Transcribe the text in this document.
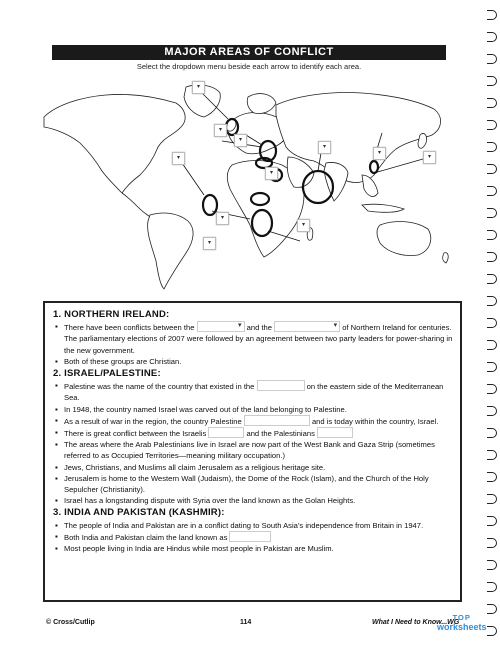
MAJOR AREAS OF CONFLICT
Select the dropdown menu beside each arrow to identify each area.
▾
▾
▾
▾
▾
▾
▾
▾
▾
▾
▾
1. NORTHERN IRELAND:
▪ There have been conflicts between the ▾	and the ▾	of Northern Ireland for centuries. The parliamentary elections of 2007 were followed by an agreement between two party leaders for power-sharing in the new government.
▪ Both of these groups are Christian.
2. ISRAEL/PALESTINE:
▪ Palestine was the name of the country that existed in the	on the eastern side of the Mediterranean Sea.
▪ In 1948, the country named Israel was carved out of the land belonging to Palestine.
▪ As a result of war in the region, the country Palestine	and is today within the country, Israel.
▪ There is great conflict between the Israelis	and the Palestinians
▪ The areas where the Arab Palestinians live in Israel are now part of the West Bank and Gaza Strip (sometimes referred to as Occupied Territories—meaning military occupation.)
▪ Jews, Christians, and Muslims all claim Jerusalem as a religious heritage site.
▪ Jerusalem is home to the Western Wall (Judaism), the Dome of the Rock (Islam), and the Church of the Holy Sepulcher (Christianity).
▪ Israel has a longstanding dispute with Syria over the land known as the Golan Heights.
3. INDIA AND PAKISTAN (KASHMIR):
▪ The people of India and Pakistan are in a conflict dating to South Asia’s independence from Britain in 1947.
▪ Both India and Pakistan claim the land known as
▪ Most people living in India are Hindus while most people in Pakistan are Muslim.
© Cross/Cutlip	114	What I Need to Know...WG
TOP
worksheets
